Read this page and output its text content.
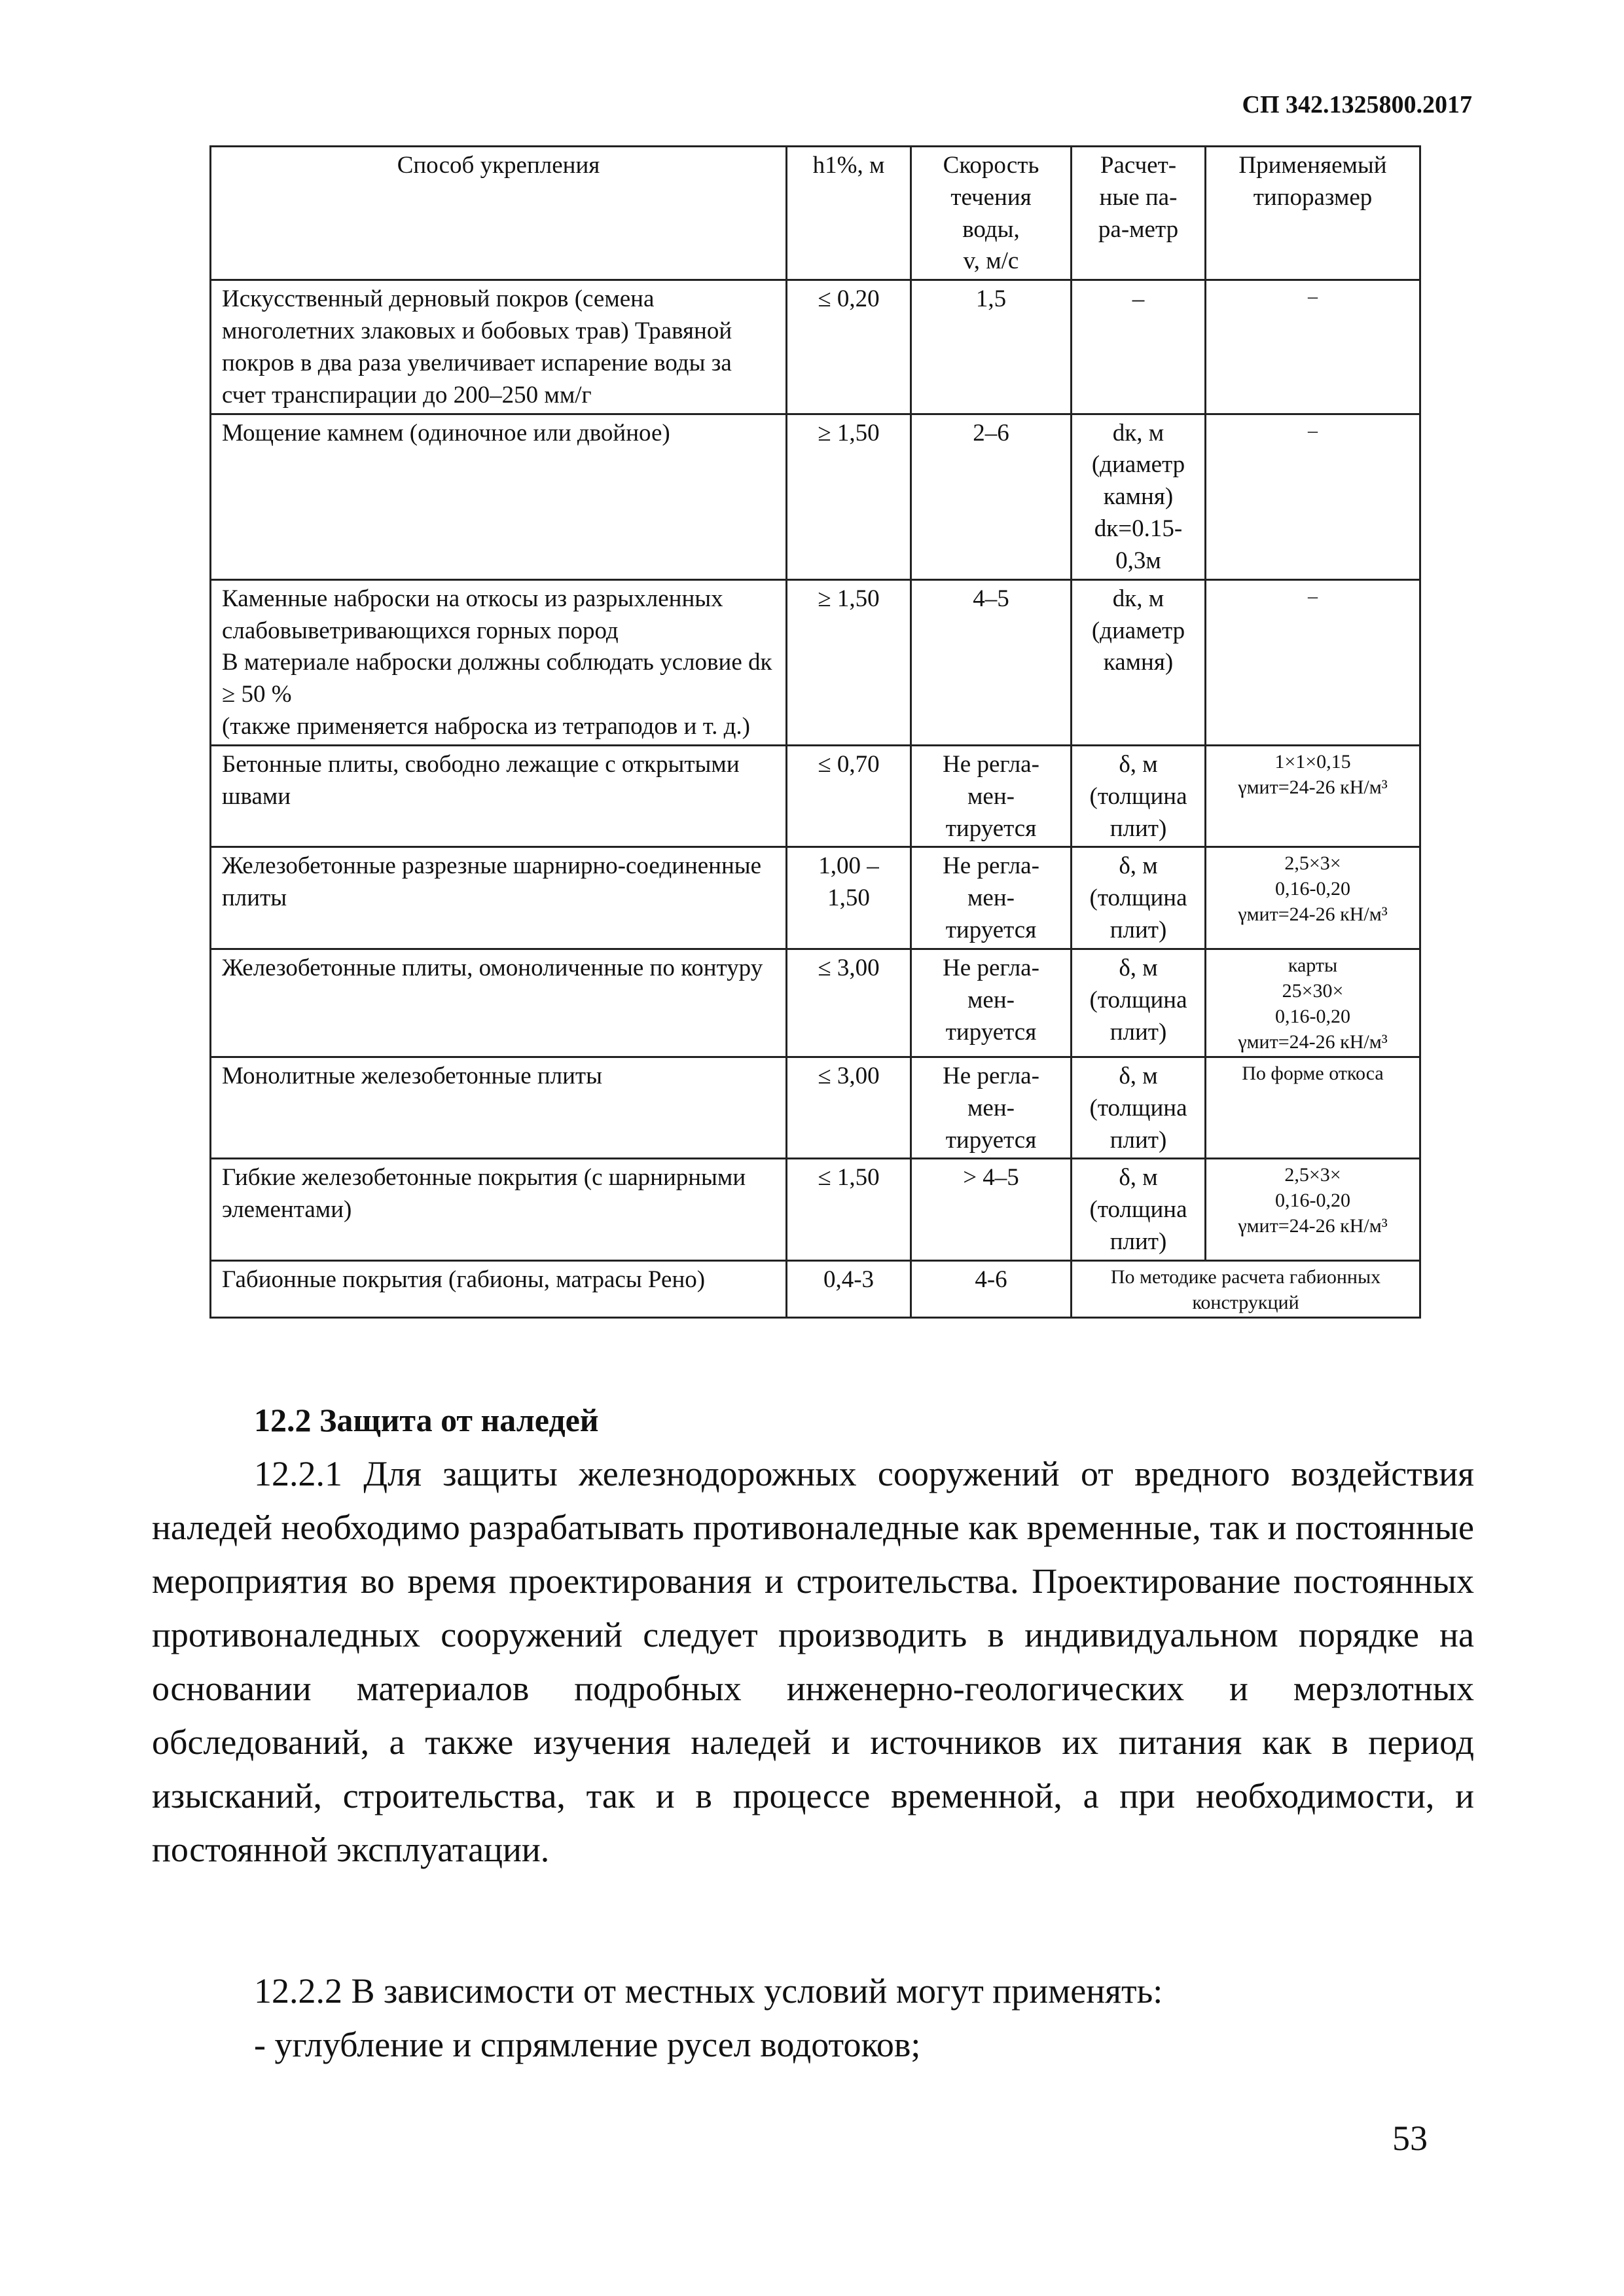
СП 342.1325800.2017
Способ укрепления	h1%, м	Скорость
течения
воды,
v, м/с	Расчет-
ные па-
ра-метр	Применяемый
типоразмер
Искусственный дерновый покров (семена многолетних злаковых и бобовых трав) Травяной покров в два раза увеличивает испарение воды за счет транспирации до 200–250 мм/г	≤ 0,20	1,5	–	–
Мощение камнем (одиночное или двойное)	≥ 1,50	2–6	dк, м
(диаметр
камня)
dк=0.15-
0,3м	–
Каменные наброски на откосы из разрыхленных слабовыветривающихся горных пород
В материале наброски должны соблюдать условие dк ≥ 50 %
(также применяется наброска из тетраподов и т. д.)	≥ 1,50	4–5	dк, м
(диаметр
камня)	–
Бетонные плиты, свободно лежащие с открытыми швами	≤ 0,70	Не регла-
мен-
тируется	δ, м
(толщина
плит)	1×1×0,15
γмит=24-26 кН/м³
Железобетонные разрезные шарнирно-соединенные плиты	1,00 –
1,50	Не регла-
мен-
тируется	δ, м
(толщина
плит)	2,5×3×
0,16-0,20
γмит=24-26 кН/м³
Железобетонные плиты, омоноличенные по контуру	≤ 3,00	Не регла-
мен-
тируется	δ, м
(толщина
плит)	карты
25×30×
0,16-0,20
γмит=24-26 кН/м³
Монолитные железобетонные плиты	≤ 3,00	Не регла-
мен-
тируется	δ, м
(толщина
плит)	По форме откоса
Гибкие железобетонные покрытия (с шарнирными элементами)	≤ 1,50	> 4–5	δ, м
(толщина
плит)	2,5×3×
0,16-0,20
γмит=24-26 кН/м³
Габионные покрытия (габионы, матрасы Рено)	0,4-3	4-6	По методике расчета габионных
конструкций	
12.2 Защита от наледей
12.2.1 Для защиты железнодорожных сооружений от вредного воздействия наледей необходимо разрабатывать противоналедные как временные, так и постоянные мероприятия во время проектирования и строительства. Проектирование постоянных противоналедных сооружений следует производить в индивидуальном порядке на основании материалов подробных инженерно-геологических и мерзлотных обследований, а также изучения наледей и источников их питания как в период изысканий, строительства, так и в процессе временной, а при необходимости, и постоянной эксплуатации.
12.2.2 В зависимости от местных условий могут применять:
- углубление и спрямление русел водотоков;
53
